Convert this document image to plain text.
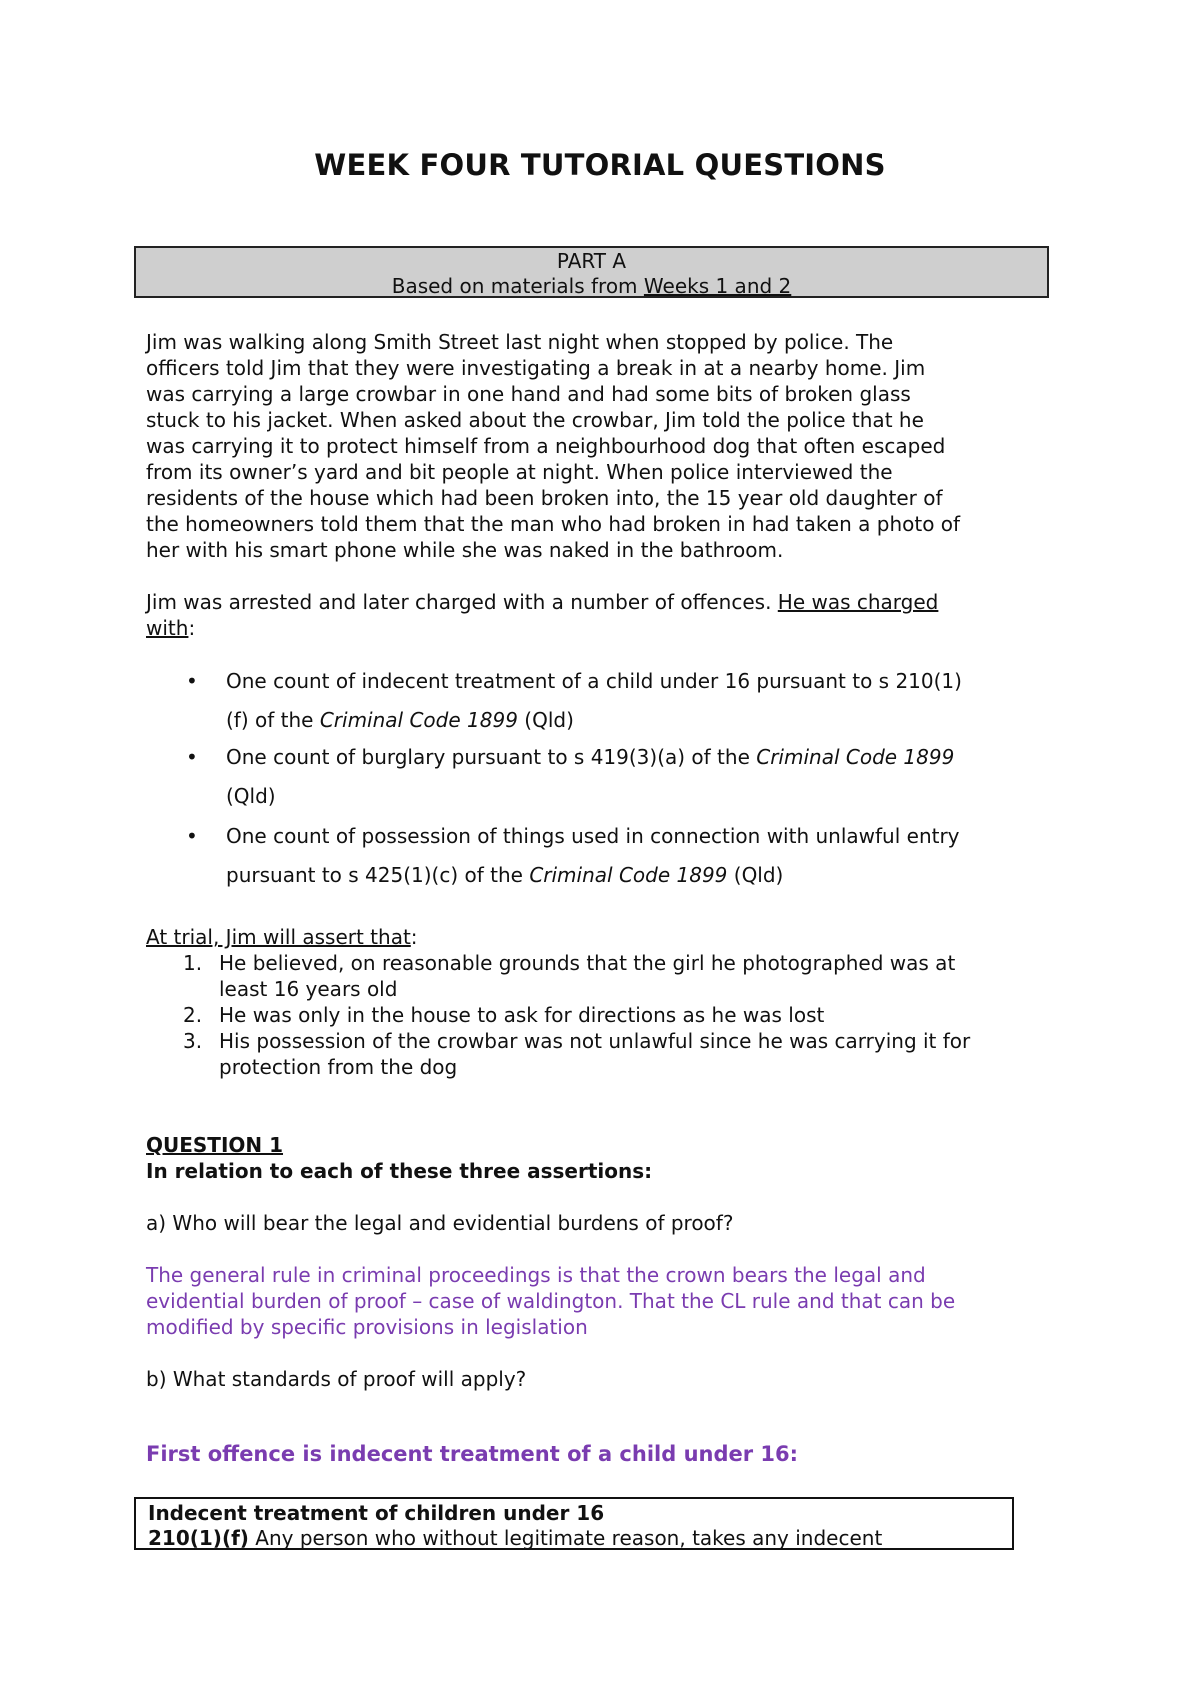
WEEK FOUR TUTORIAL QUESTIONS
PART A
Based on materials from Weeks 1 and 2
Jim was walking along Smith Street last night when stopped by police. The
officers told Jim that they were investigating a break in at a nearby home. Jim
was carrying a large crowbar in one hand and had some bits of broken glass
stuck to his jacket. When asked about the crowbar, Jim told the police that he
was carrying it to protect himself from a neighbourhood dog that often escaped
from its owner’s yard and bit people at night. When police interviewed the
residents of the house which had been broken into, the 15 year old daughter of
the homeowners told them that the man who had broken in had taken a photo of
her with his smart phone while she was naked in the bathroom.
Jim was arrested and later charged with a number of offences. He was charged
with:
• One count of indecent treatment of a child under 16 pursuant to s 210(1)
(f) of the Criminal Code 1899 (Qld)
• One count of burglary pursuant to s 419(3)(a) of the Criminal Code 1899
(Qld)
• One count of possession of things used in connection with unlawful entry
pursuant to s 425(1)(c) of the Criminal Code 1899 (Qld)
At trial, Jim will assert that:
1. He believed, on reasonable grounds that the girl he photographed was at
least 16 years old
2. He was only in the house to ask for directions as he was lost
3. His possession of the crowbar was not unlawful since he was carrying it for
protection from the dog
QUESTION 1
In relation to each of these three assertions:
a) Who will bear the legal and evidential burdens of proof?
The general rule in criminal proceedings is that the crown bears the legal and
evidential burden of proof – case of waldington. That the CL rule and that can be
modified by specific provisions in legislation
b) What standards of proof will apply?
First offence is indecent treatment of a child under 16:
Indecent treatment of children under 16
210(1)(f) Any person who without legitimate reason, takes any indecent
